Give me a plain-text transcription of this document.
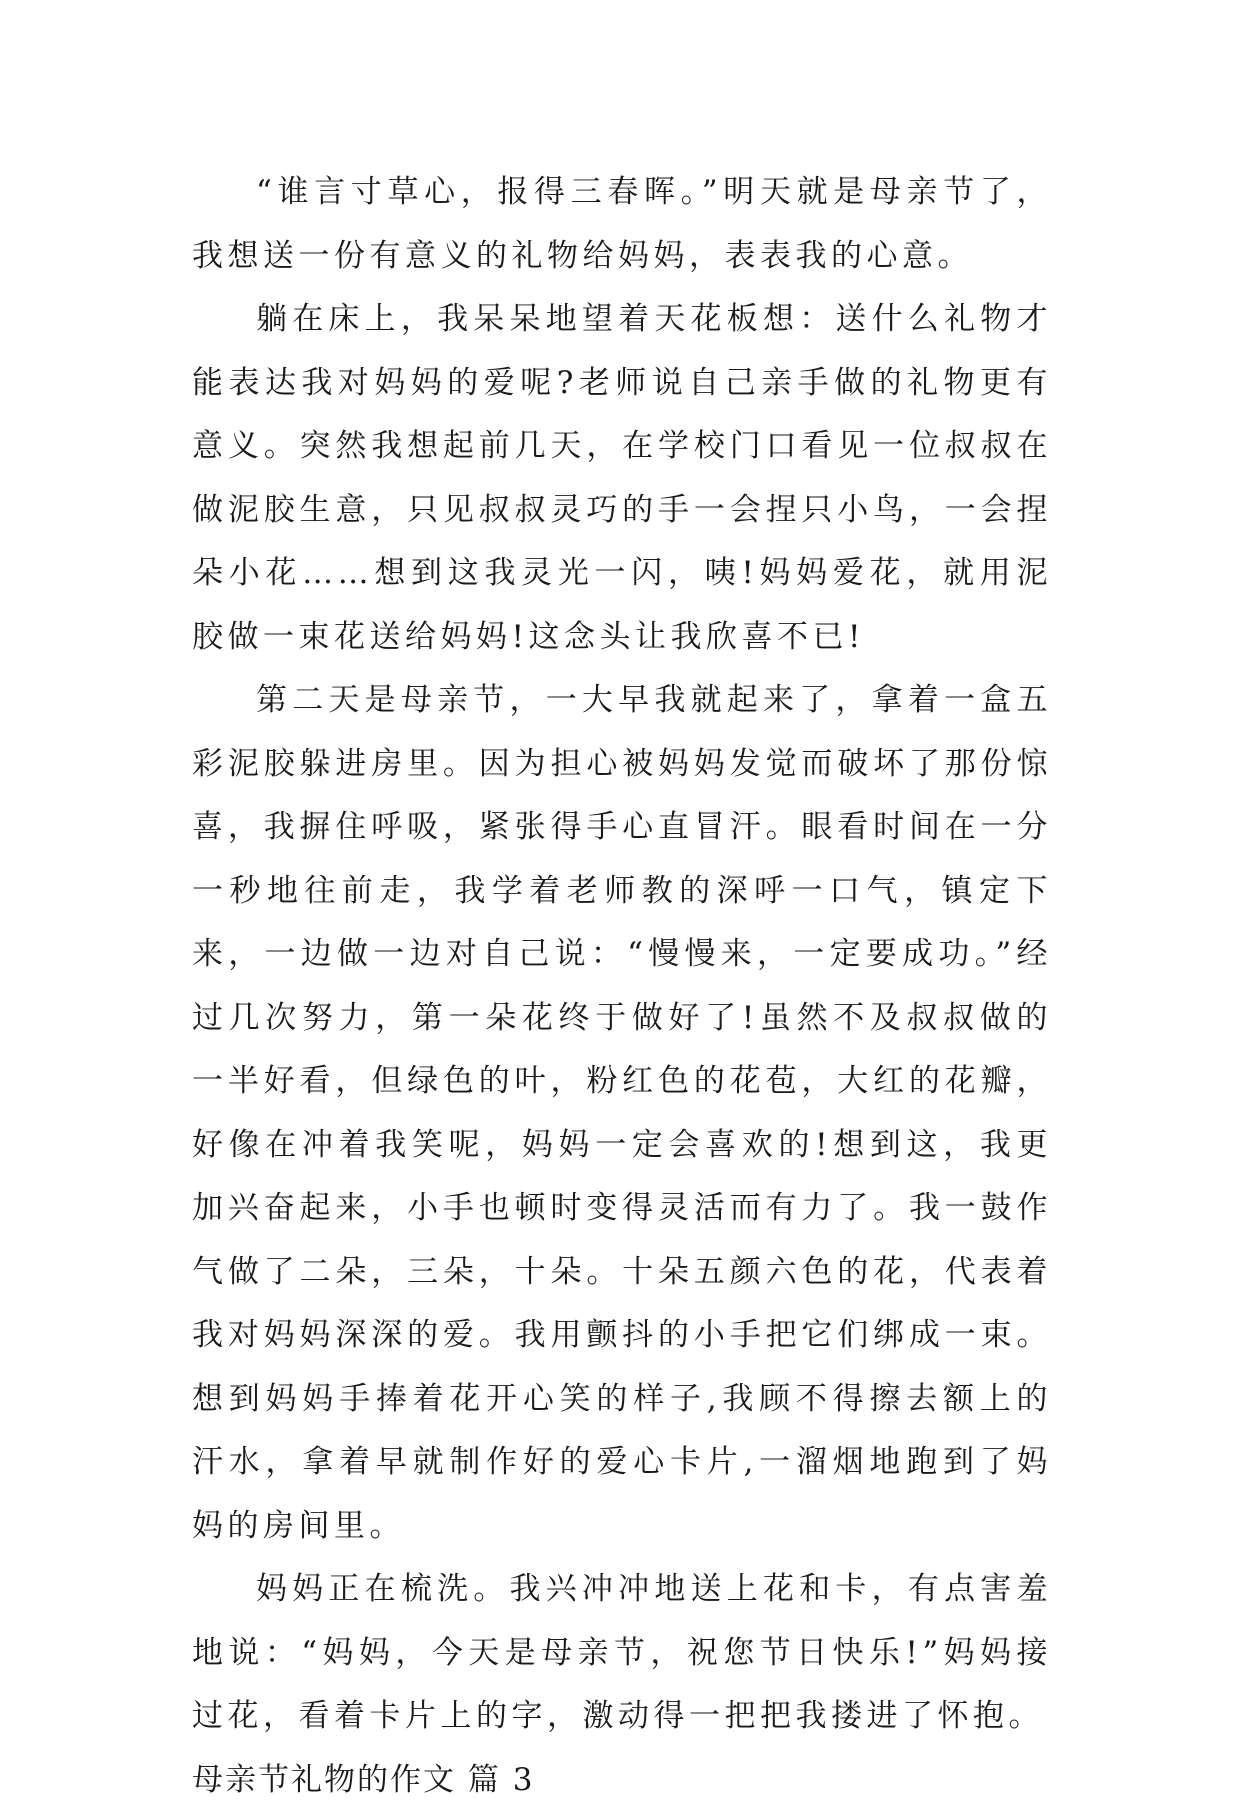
“谁言寸草心，报得三春晖。”明天就是母亲节了，我想送一份有意义的礼物给妈妈，表表我的心意。

躺在床上，我呆呆地望着天花板想：送什么礼物才能表达我对妈妈的爱呢?老师说自己亲手做的礼物更有意义。突然我想起前几天，在学校门口看见一位叔叔在做泥胶生意，只见叔叔灵巧的手一会捏只小鸟，一会捏朵小花……想到这我灵光一闪，咦!妈妈爱花，就用泥胶做一束花送给妈妈!这念头让我欣喜不已!

第二天是母亲节，一大早我就起来了，拿着一盒五彩泥胶躲进房里。因为担心被妈妈发觉而破坏了那份惊喜，我摒住呼吸，紧张得手心直冒汗。眼看时间在一分一秒地往前走，我学着老师教的深呼一口气，镇定下来，一边做一边对自己说：“慢慢来，一定要成功。”经过几次努力，第一朵花终于做好了!虽然不及叔叔做的一半好看，但绿色的叶，粉红色的花苞，大红的花瓣，好像在冲着我笑呢，妈妈一定会喜欢的!想到这，我更加兴奋起来，小手也顿时变得灵活而有力了。我一鼓作气做了二朵，三朵，十朵。十朵五颜六色的花，代表着我对妈妈深深的爱。我用颤抖的小手把它们绑成一束。想到妈妈手捧着花开心笑的样子,我顾不得擦去额上的汗水，拿着早就制作好的爱心卡片,一溜烟地跑到了妈妈的房间里。

妈妈正在梳洗。我兴冲冲地送上花和卡，有点害羞地说：“妈妈，今天是母亲节，祝您节日快乐!”妈妈接过花，看着卡片上的字，激动得一把把我搂进了怀抱。

母亲节礼物的作文 篇 3
